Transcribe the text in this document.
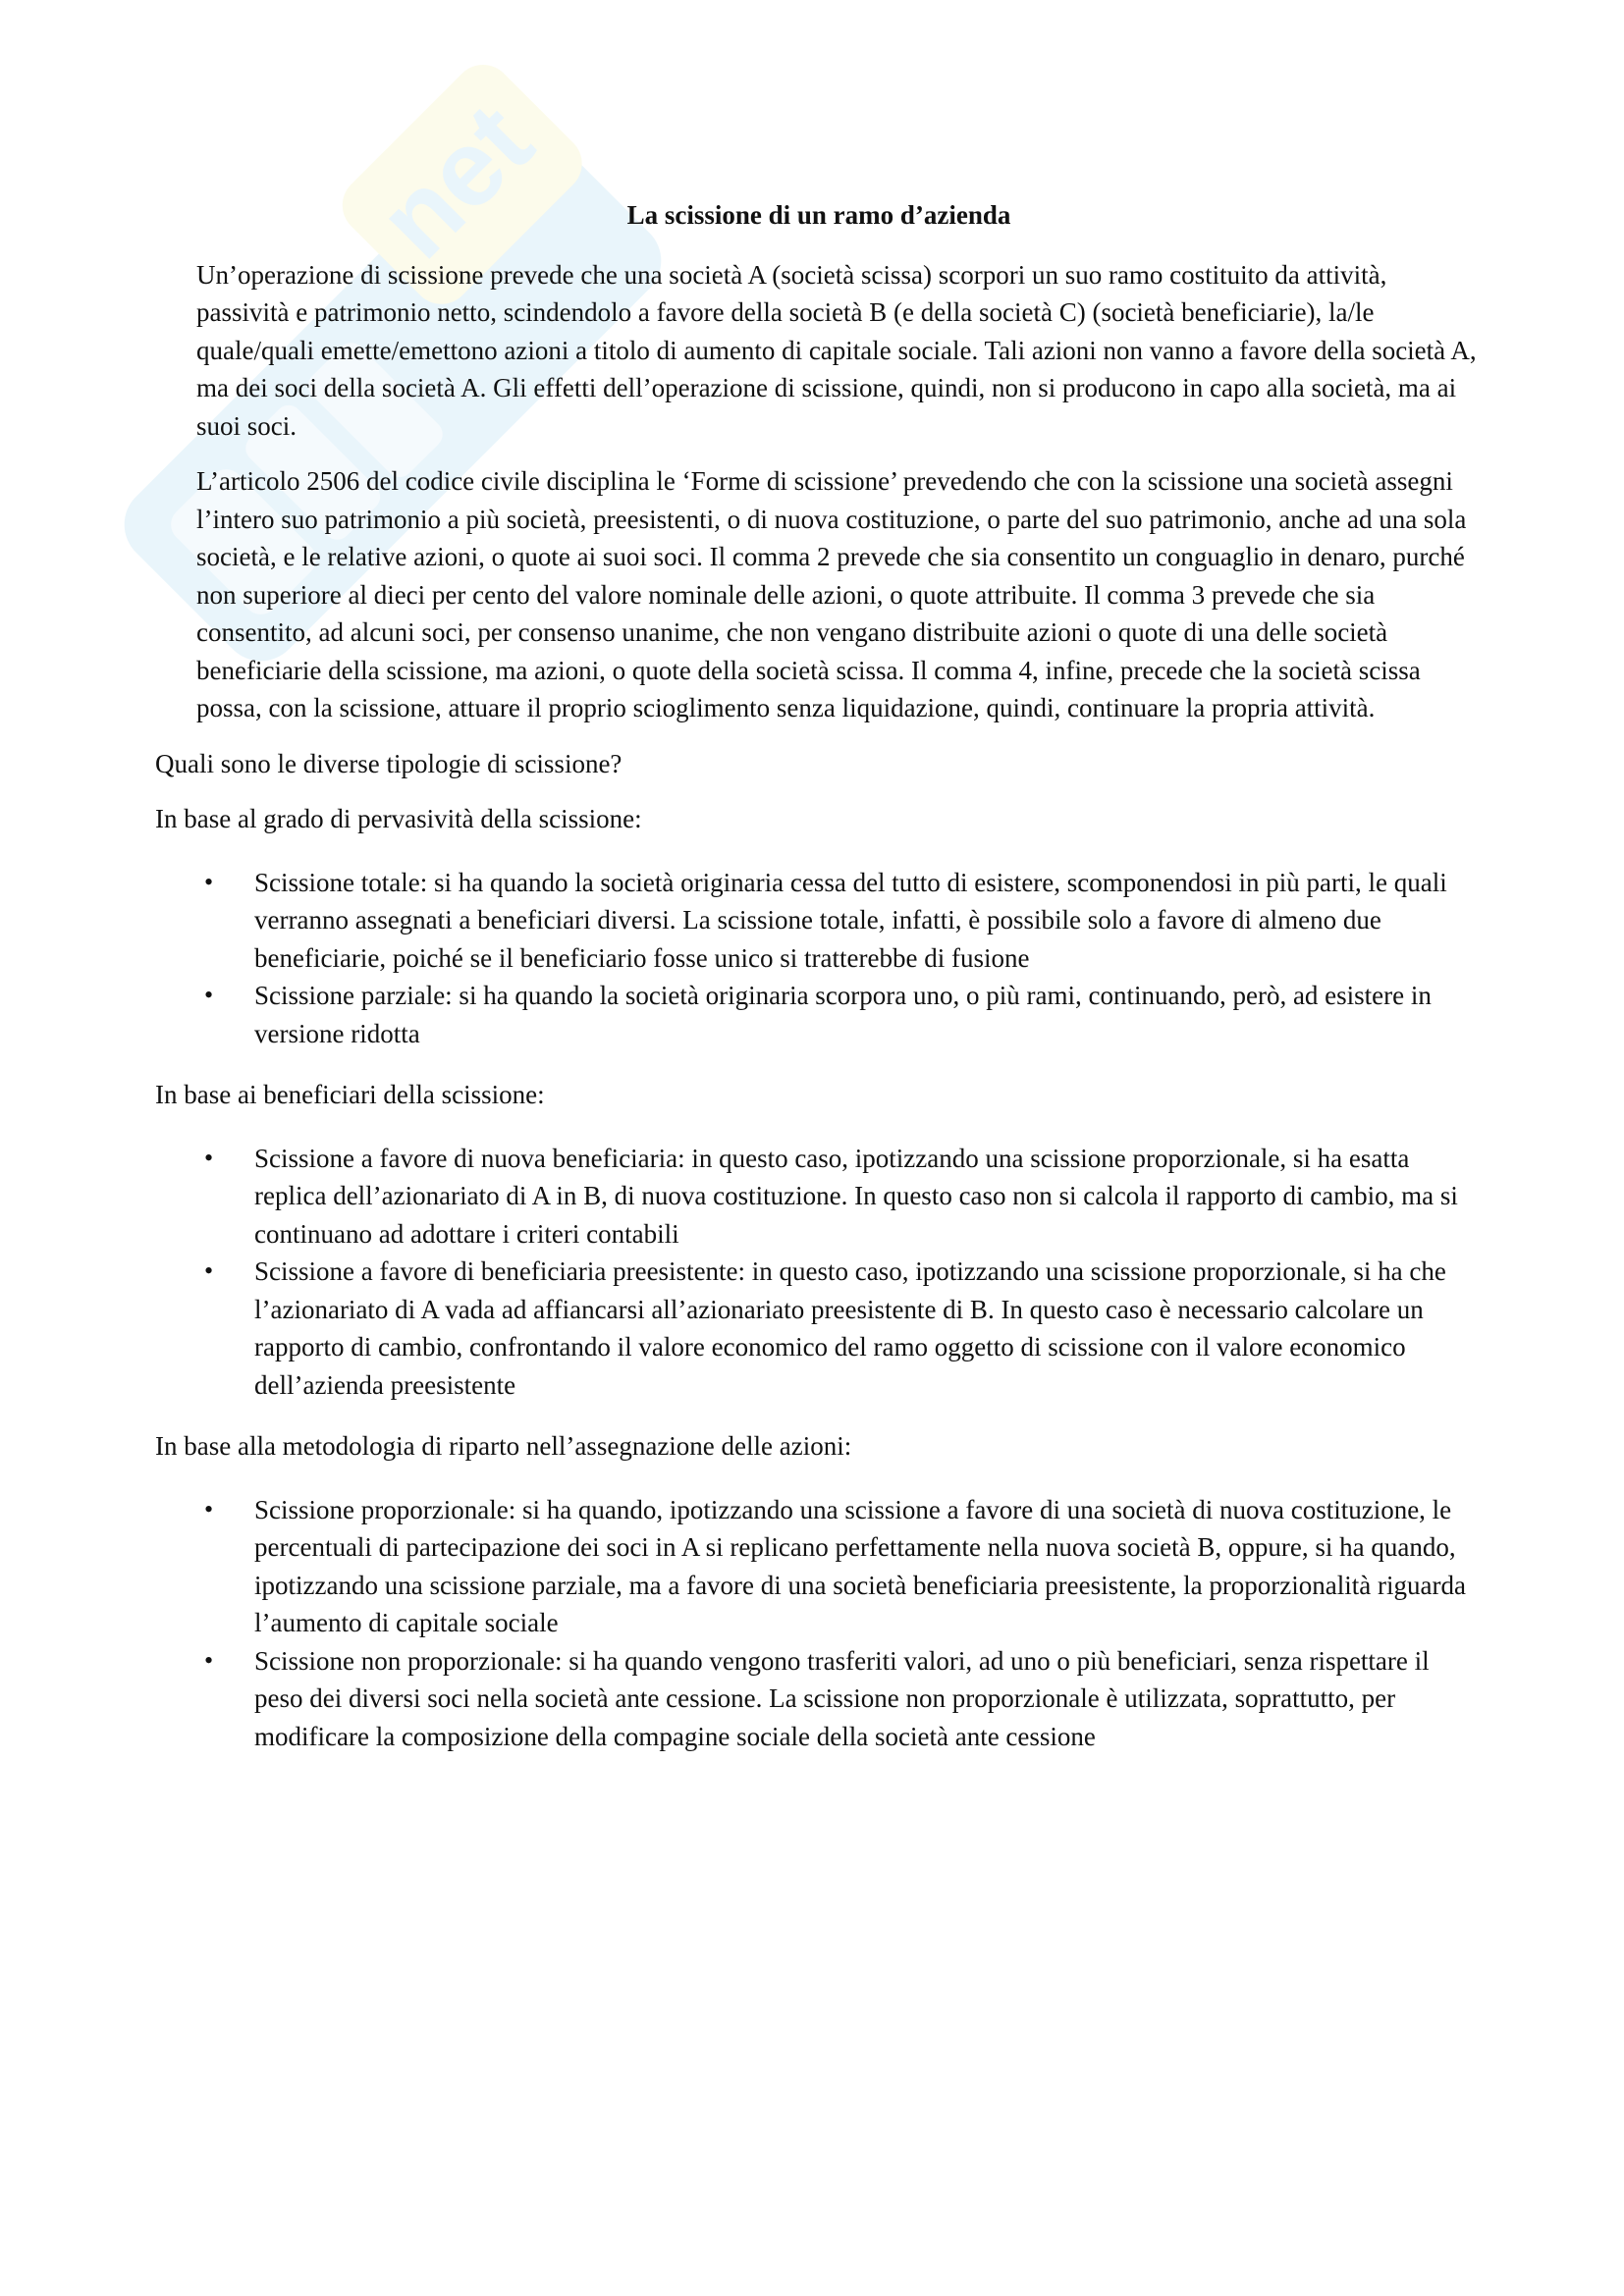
net	La scissione di un ramo d’azienda

Un’operazione di scissione prevede che una società A (società scissa) scorpori un suo ramo costituito da attività, passività e patrimonio netto, scindendolo a favore della società B (e della società C) (società beneficiarie), la/le quale/quali emette/emettono azioni a titolo di aumento di capitale sociale. Tali azioni non vanno a favore della società A, ma dei soci della società A. Gli effetti dell’operazione di scissione, quindi, non si producono in capo alla società, ma ai suoi soci.

L’articolo 2506 del codice civile disciplina le ‘Forme di scissione’ prevedendo che con la scissione una società assegni l’intero suo patrimonio a più società, preesistenti, o di nuova costituzione, o parte del suo patrimonio, anche ad una sola società, e le relative azioni, o quote ai suoi soci. Il comma 2 prevede che sia consentito un conguaglio in denaro, purché non superiore al dieci per cento del valore nominale delle azioni, o quote attribuite. Il comma 3 prevede che sia consentito, ad alcuni soci, per consenso unanime, che non vengano distribuite azioni o quote di una delle società beneficiarie della scissione, ma azioni, o quote della società scissa. Il comma 4, infine, precede che la società scissa possa, con la scissione, attuare il proprio scioglimento senza liquidazione, quindi, continuare la propria attività.

Quali sono le diverse tipologie di scissione?

In base al grado di pervasività della scissione:

• Scissione totale: si ha quando la società originaria cessa del tutto di esistere, scomponendosi in più parti, le quali verranno assegnati a beneficiari diversi. La scissione totale, infatti, è possibile solo a favore di almeno due beneficiarie, poiché se il beneficiario fosse unico si tratterebbe di fusione
• Scissione parziale: si ha quando la società originaria scorpora uno, o più rami, continuando, però, ad esistere in versione ridotta

In base ai beneficiari della scissione:

• Scissione a favore di nuova beneficiaria: in questo caso, ipotizzando una scissione proporzionale, si ha esatta replica dell’azionariato di A in B, di nuova costituzione. In questo caso non si calcola il rapporto di cambio, ma si continuano ad adottare i criteri contabili
• Scissione a favore di beneficiaria preesistente: in questo caso, ipotizzando una scissione proporzionale, si ha che l’azionariato di A vada ad affiancarsi all’azionariato preesistente di B. In questo caso è necessario calcolare un rapporto di cambio, confrontando il valore economico del ramo oggetto di scissione con il valore economico dell’azienda preesistente

In base alla metodologia di riparto nell’assegnazione delle azioni:

• Scissione proporzionale: si ha quando, ipotizzando una scissione a favore di una società di nuova costituzione, le percentuali di partecipazione dei soci in A si replicano perfettamente nella nuova società B, oppure, si ha quando, ipotizzando una scissione parziale, ma a favore di una società beneficiaria preesistente, la proporzionalità riguarda l’aumento di capitale sociale
• Scissione non proporzionale: si ha quando vengono trasferiti valori, ad uno o più beneficiari, senza rispettare il peso dei diversi soci nella società ante cessione. La scissione non proporzionale è utilizzata, soprattutto, per modificare la composizione della compagine sociale della società ante cessione
